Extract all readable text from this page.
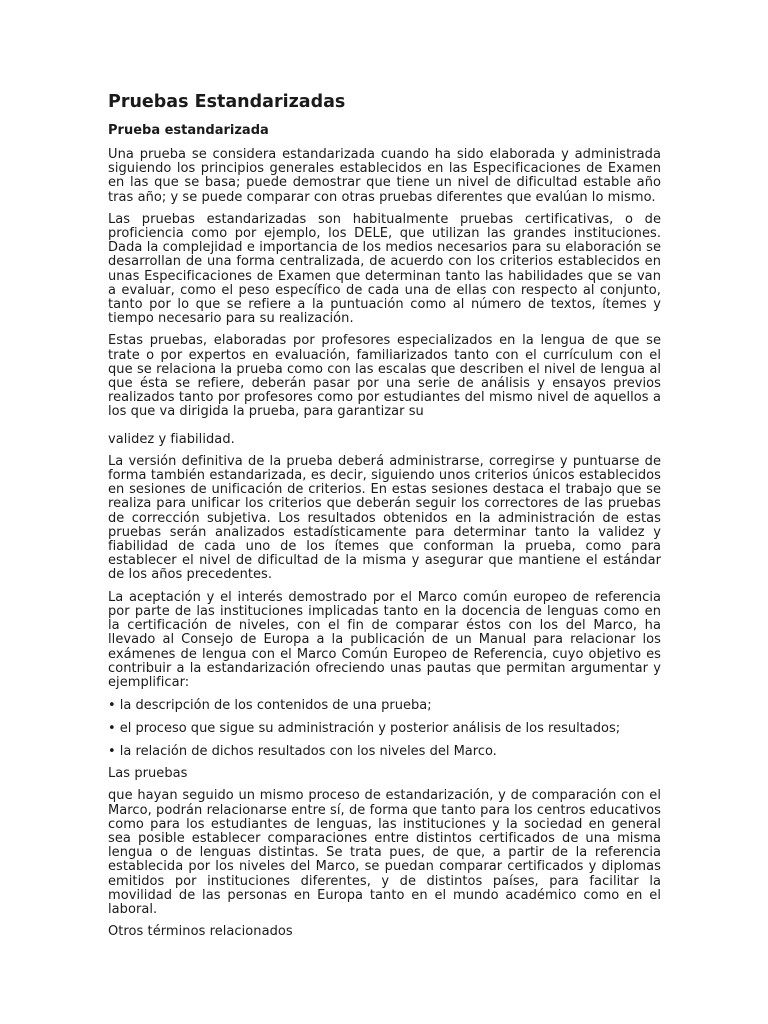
Pruebas Estandarizadas
Prueba estandarizada

Una prueba se considera estandarizada cuando ha sido elaborada y administrada siguiendo los principios generales establecidos en las Especificaciones de Examen en las que se basa; puede demostrar que tiene un nivel de dificultad estable año tras año; y se puede comparar con otras pruebas diferentes que evalúan lo mismo.

Las pruebas estandarizadas son habitualmente pruebas certificativas, o de proficiencia como por ejemplo, los DELE, que utilizan las grandes instituciones. Dada la complejidad e importancia de los medios necesarios para su elaboración se desarrollan de una forma centralizada, de acuerdo con los criterios establecidos en unas Especificaciones de Examen que determinan tanto las habilidades que se van a evaluar, como el peso específico de cada una de ellas con respecto al conjunto, tanto por lo que se refiere a la puntuación como al número de textos, ítemes y tiempo necesario para su realización.

Estas pruebas, elaboradas por profesores especializados en la lengua de que se trate o por expertos en evaluación, familiarizados tanto con el currículum con el que se relaciona la prueba como con las escalas que describen el nivel de lengua al que ésta se refiere, deberán pasar por una serie de análisis y ensayos previos realizados tanto por profesores como por estudiantes del mismo nivel de aquellos a los que va dirigida la prueba, para garantizar su

validez y fiabilidad.

La versión definitiva de la prueba deberá administrarse, corregirse y puntuarse de forma también estandarizada, es decir, siguiendo unos criterios únicos establecidos en sesiones de unificación de criterios. En estas sesiones destaca el trabajo que se realiza para unificar los criterios que deberán seguir los correctores de las pruebas de corrección subjetiva. Los resultados obtenidos en la administración de estas pruebas serán analizados estadísticamente para determinar tanto la validez y fiabilidad de cada uno de los ítemes que conforman la prueba, como para establecer el nivel de dificultad de la misma y asegurar que mantiene el estándar de los años precedentes.

La aceptación y el interés demostrado por el Marco común europeo de referencia por parte de las instituciones implicadas tanto en la docencia de lenguas como en la certificación de niveles, con el fin de comparar éstos con los del Marco, ha llevado al Consejo de Europa a la publicación de un Manual para relacionar los exámenes de lengua con el Marco Común Europeo de Referencia, cuyo objetivo es contribuir a la estandarización ofreciendo unas pautas que permitan argumentar y ejemplificar:

• la descripción de los contenidos de una prueba;

• el proceso que sigue su administración y posterior análisis de los resultados;

• la relación de dichos resultados con los niveles del Marco.

Las pruebas

que hayan seguido un mismo proceso de estandarización, y de comparación con el Marco, podrán relacionarse entre sí, de forma que tanto para los centros educativos como para los estudiantes de lenguas, las instituciones y la sociedad en general sea posible establecer comparaciones entre distintos certificados de una misma lengua o de lenguas distintas. Se trata pues, de que, a partir de la referencia establecida por los niveles del Marco, se puedan comparar certificados y diplomas emitidos por instituciones diferentes, y de distintos países, para facilitar la movilidad de las personas en Europa tanto en el mundo académico como en el laboral.

Otros términos relacionados
